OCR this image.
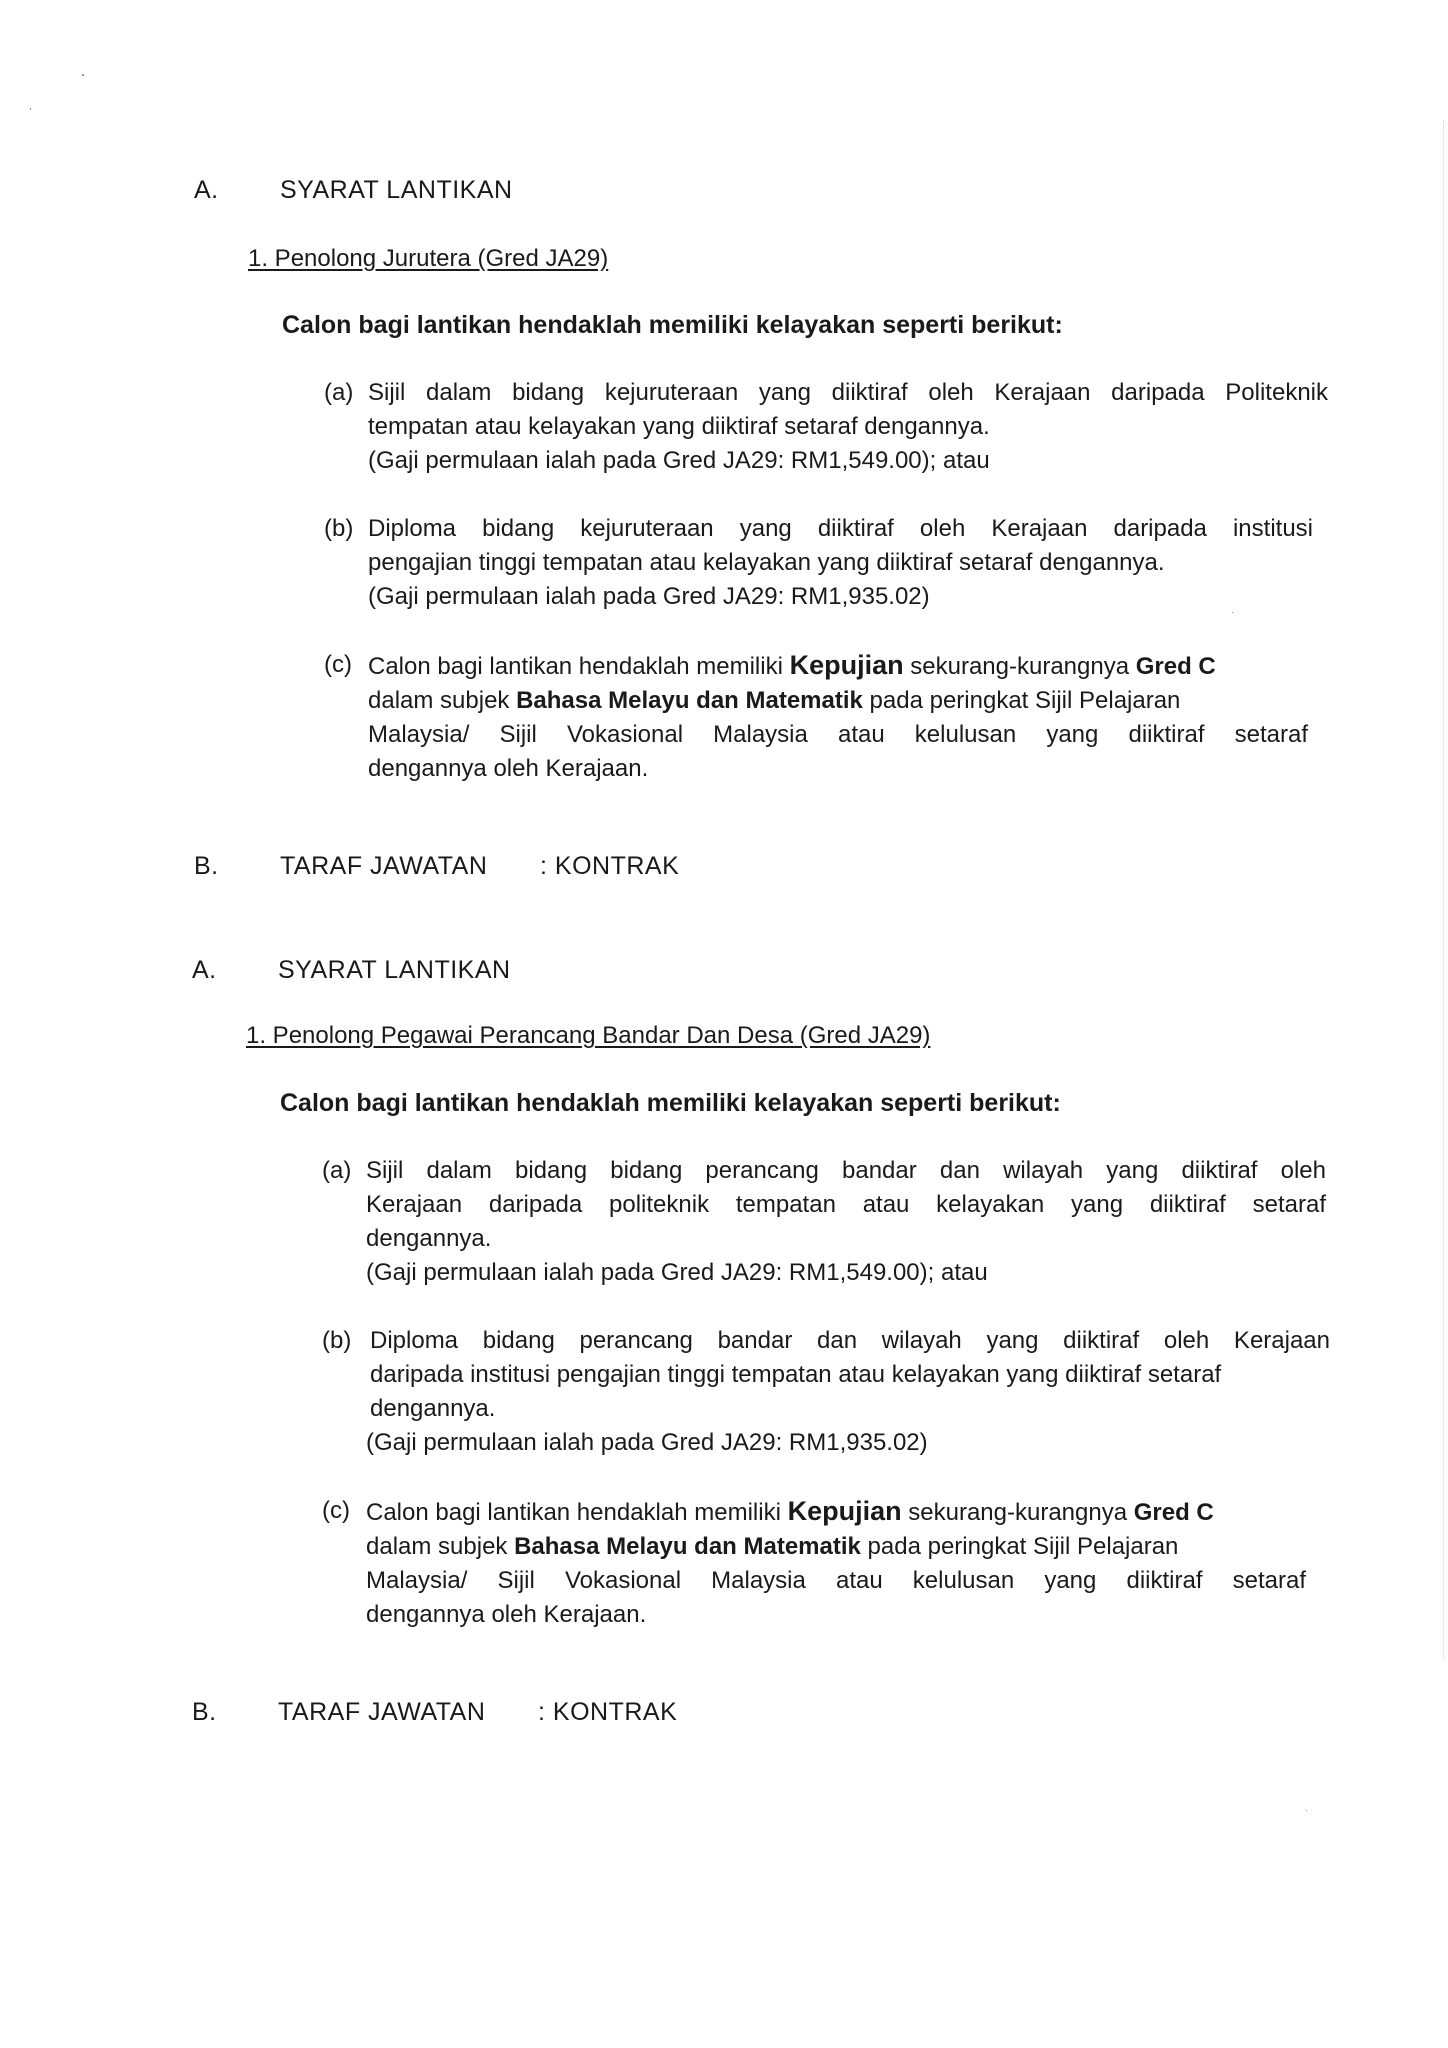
A. SYARAT LANTIKAN
1. Penolong Jurutera (Gred JA29)
Calon bagi lantikan hendaklah memiliki kelayakan seperti berikut:
(a) Sijil dalam bidang kejuruteraan yang diiktiraf oleh Kerajaan daripada Politeknik
tempatan atau kelayakan yang diiktiraf setaraf dengannya.
(Gaji permulaan ialah pada Gred JA29: RM1,549.00); atau
(b) Diploma bidang kejuruteraan yang diiktiraf oleh Kerajaan daripada institusi
pengajian tinggi tempatan atau kelayakan yang diiktiraf setaraf dengannya.
(Gaji permulaan ialah pada Gred JA29: RM1,935.02)
(c) Calon bagi lantikan hendaklah memiliki Kepujian sekurang-kurangnya Gred C
dalam subjek Bahasa Melayu dan Matematik pada peringkat Sijil Pelajaran
Malaysia/ Sijil Vokasional Malaysia atau kelulusan yang diiktiraf setaraf
dengannya oleh Kerajaan.
B. TARAF JAWATAN : KONTRAK
A. SYARAT LANTIKAN
1. Penolong Pegawai Perancang Bandar Dan Desa (Gred JA29)
Calon bagi lantikan hendaklah memiliki kelayakan seperti berikut:
(a) Sijil dalam bidang bidang perancang bandar dan wilayah yang diiktiraf oleh
Kerajaan daripada politeknik tempatan atau kelayakan yang diiktiraf setaraf
dengannya.
(Gaji permulaan ialah pada Gred JA29: RM1,549.00); atau
(b) Diploma bidang perancang bandar dan wilayah yang diiktiraf oleh Kerajaan
daripada institusi pengajian tinggi tempatan atau kelayakan yang diiktiraf setaraf
dengannya.
(Gaji permulaan ialah pada Gred JA29: RM1,935.02)
(c) Calon bagi lantikan hendaklah memiliki Kepujian sekurang-kurangnya Gred C
dalam subjek Bahasa Melayu dan Matematik pada peringkat Sijil Pelajaran
Malaysia/ Sijil Vokasional Malaysia atau kelulusan yang diiktiraf setaraf
dengannya oleh Kerajaan.
B. TARAF JAWATAN : KONTRAK
